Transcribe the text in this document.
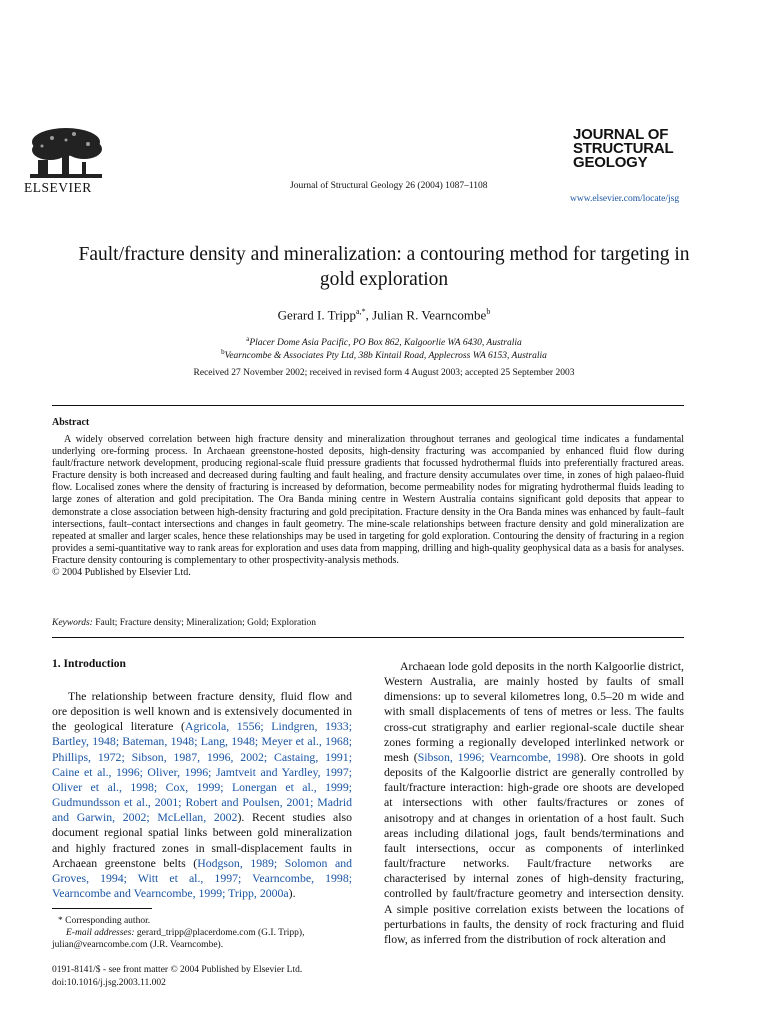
ELSEVIER	Journal of Structural Geology 26 (2004) 1087–1108
JOURNAL OF STRUCTURAL GEOLOGY
www.elsevier.com/locate/jsg
Fault/fracture density and mineralization: a contouring method for targeting in gold exploration
Gerard I. Tripp$^{a,*}$, Julian R. Vearncombe$^b$
$^a$Placer Dome Asia Pacific, PO Box 862, Kalgoorlie WA 6430, Australia
$^b$Vearncombe & Associates Pty Ltd, 38b Kintail Road, Applecross WA 6153, Australia
Received 27 November 2002; received in revised form 4 August 2003; accepted 25 September 2003
Abstract

A widely observed correlation between high fracture density and mineralization throughout terranes and geological time indicates a fundamental underlying ore-forming process. In Archaean greenstone-hosted deposits, high-density fracturing was accompanied by enhanced fluid flow during fault/fracture network development, producing regional-scale fluid pressure gradients that focussed hydrothermal fluids into preferentially fractured areas. Fracture density is both increased and decreased during faulting and fault healing, and fracture density accumulates over time, in zones of high palaeo-fluid flow. Localised zones where the density of fracturing is increased by deformation, become permeability nodes for migrating hydrothermal fluids leading to large zones of alteration and gold precipitation. The Ora Banda mining centre in Western Australia contains significant gold deposits that appear to demonstrate a close association between high-density fracturing and gold precipitation. Fracture density in the Ora Banda mines was enhanced by fault–fault intersections, fault–contact intersections and changes in fault geometry. The mine-scale relationships between fracture density and gold mineralization are repeated at smaller and larger scales, hence these relationships may be used in targeting for gold exploration. Contouring the density of fracturing in a region provides a semi-quantitative way to rank areas for exploration and uses data from mapping, drilling and high-quality geophysical data as a basis for analyses. Fracture density contouring is complementary to other prospectivity-analysis methods.

© 2004 Published by Elsevier Ltd.

Keywords: Fault; Fracture density; Mineralization; Gold; Exploration
1. Introduction

The relationship between fracture density, fluid flow and ore deposition is well known and is extensively documented in the geological literature (Agricola, 1556; Lindgren, 1933; Bartley, 1948; Bateman, 1948; Lang, 1948; Meyer et al., 1968; Phillips, 1972; Sibson, 1987, 1996, 2002; Castaing, 1991; Caine et al., 1996; Oliver, 1996; Jamtveit and Yardley, 1997; Oliver et al., 1998; Cox, 1999; Lonergan et al., 1999; Gudmundsson et al., 2001; Robert and Poulsen, 2001; Madrid and Garwin, 2002; McLellan, 2002). Recent studies also document regional spatial links between gold mineralization and highly fractured zones in small-displacement faults in Archaean greenstone belts (Hodgson, 1989; Solomon and Groves, 1994; Witt et al., 1997; Vearncombe, 1998; Vearncombe and Vearncombe, 1999; Tripp, 2000a).

Archaean lode gold deposits in the north Kalgoorlie district, Western Australia, are mainly hosted by faults of small dimensions: up to several kilometres long, 0.5–20 m wide and with small displacements of tens of metres or less. The faults cross-cut stratigraphy and earlier regional-scale ductile shear zones forming a regionally developed interlinked network or mesh (Sibson, 1996; Vearncombe, 1998). Ore shoots in gold deposits of the Kalgoorlie district are generally controlled by fault/fracture interaction: high-grade ore shoots are developed at intersections with other faults/fractures or zones of anisotropy and at changes in orientation of a host fault. Such areas including dilational jogs, fault bends/terminations and fault intersections, occur as components of interlinked fault/fracture networks. Fault/fracture networks are characterised by internal zones of high-density fracturing, controlled by fault/fracture geometry and intersection density. A simple positive correlation exists between the locations of perturbations in faults, the density of rock fracturing and fluid flow, as inferred from the distribution of rock alteration and

* Corresponding author.

E-mail addresses: gerard_tripp@placerdome.com (G.I. Tripp), julian@vearncombe.com (J.R. Vearncombe).

0191-8141/$ - see front matter © 2004 Published by Elsevier Ltd.
doi:10.1016/j.jsg.2003.11.002
